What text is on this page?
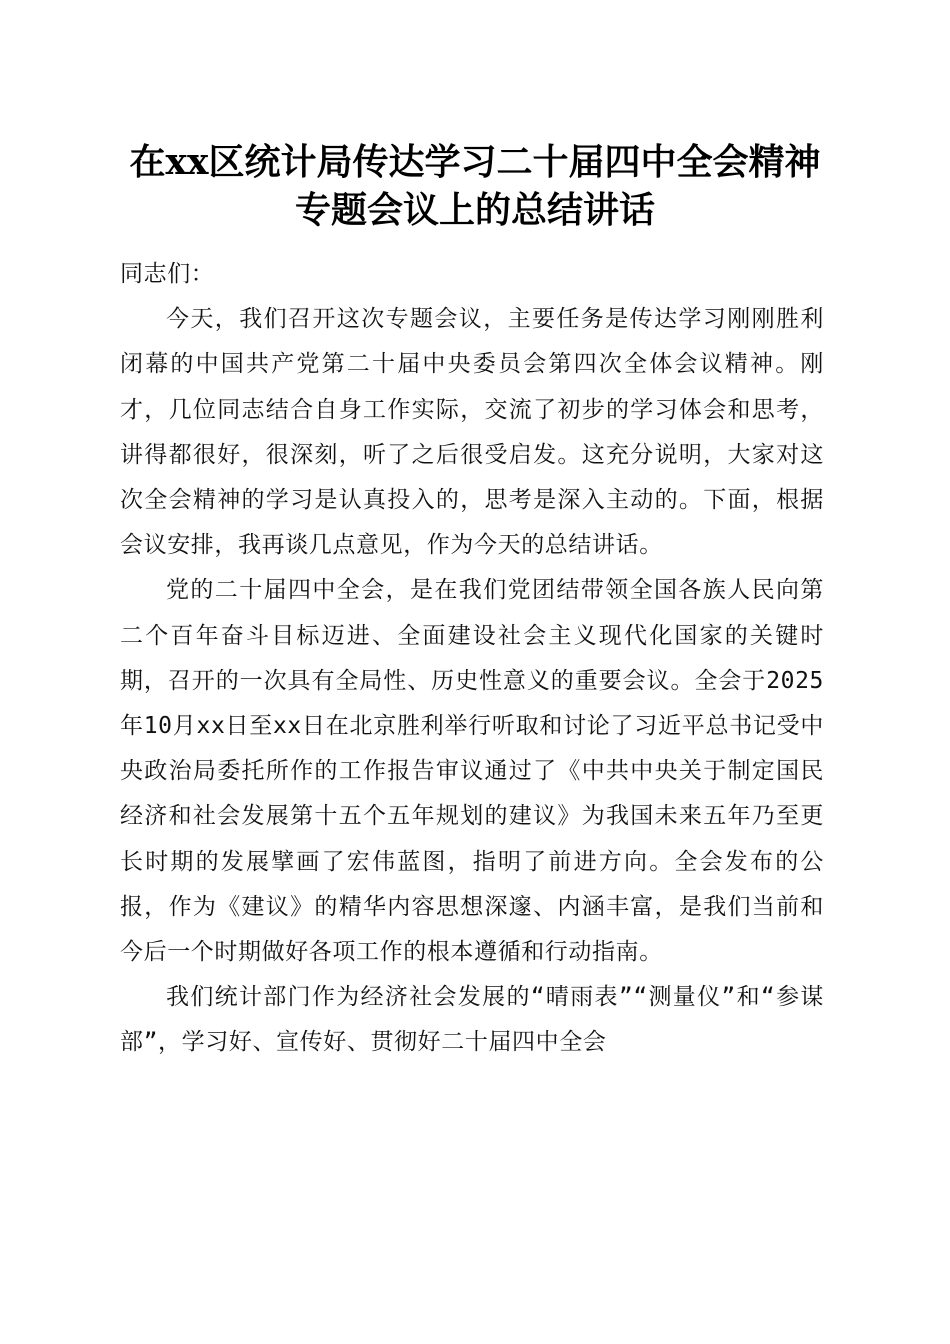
在xx区统计局传达学习二十届四中全会精神
专题会议上的总结讲话

同志们：

今天，我们召开这次专题会议，主要任务是传达学习刚刚胜利闭幕的中国共产党第二十届中央委员会第四次全体会议精神。刚才，几位同志结合自身工作实际，交流了初步的学习体会和思考，讲得都很好，很深刻，听了之后很受启发。这充分说明，大家对这次全会精神的学习是认真投入的，思考是深入主动的。下面，根据会议安排，我再谈几点意见，作为今天的总结讲话。

党的二十届四中全会，是在我们党团结带领全国各族人民向第二个百年奋斗目标迈进、全面建设社会主义现代化国家的关键时期，召开的一次具有全局性、历史性意义的重要会议。全会于2025年10月xx日至xx日在北京胜利举行听取和讨论了习近平总书记受中央政治局委托所作的工作报告审议通过了《中共中央关于制定国民经济和社会发展第十五个五年规划的建议》为我国未来五年乃至更长时期的发展擘画了宏伟蓝图，指明了前进方向。全会发布的公报，作为《建议》的精华内容思想深邃、内涵丰富，是我们当前和今后一个时期做好各项工作的根本遵循和行动指南。

我们统计部门作为经济社会发展的“晴雨表”“测量仪”和“参谋部”，学习好、宣传好、贯彻好二十届四中全会
